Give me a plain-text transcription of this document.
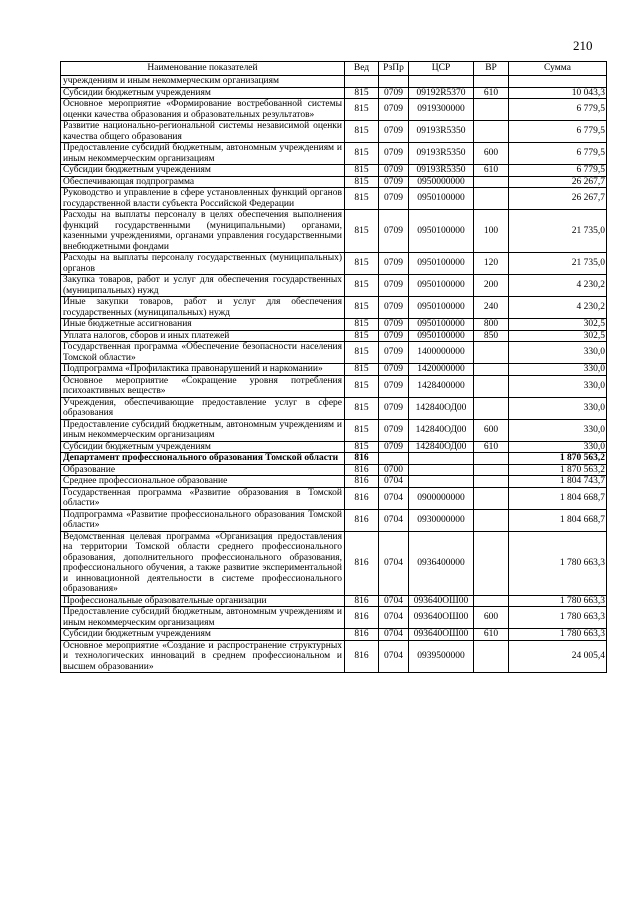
210
Наименование показателей	Вед	РзПр	ЦСР	ВР	Сумма
учреждениям и иным некоммерческим организациям					
Субсидии бюджетным учреждениям	815	0709	09192R5370	610	10 043,3
Основное мероприятие «Формирование востребованной системы оценки качества образования и образовательных результатов»	815	0709	0919300000		6 779,5
Развитие национально-региональной системы независимой оценки качества общего образования	815	0709	09193R5350		6 779,5
Предоставление субсидий бюджетным, автономным учреждениям и иным некоммерческим организациям	815	0709	09193R5350	600	6 779,5
Субсидии бюджетным учреждениям	815	0709	09193R5350	610	6 779,5
Обеспечивающая подпрограмма	815	0709	0950000000		26 267,7
Руководство и управление в сфере установленных функций органов государственной власти субъекта Российской Федерации	815	0709	0950100000		26 267,7
Расходы на выплаты персоналу в целях обеспечения выполнения функций государственными (муниципальными) органами, казенными учреждениями, органами управления государственными внебюджетными фондами	815	0709	0950100000	100	21 735,0
Расходы на выплаты персоналу государственных (муниципальных) органов	815	0709	0950100000	120	21 735,0
Закупка товаров, работ и услуг для обеспечения государственных (муниципальных) нужд	815	0709	0950100000	200	4 230,2
Иные закупки товаров, работ и услуг для обеспечения государственных (муниципальных) нужд	815	0709	0950100000	240	4 230,2
Иные бюджетные ассигнования	815	0709	0950100000	800	302,5
Уплата налогов, сборов и иных платежей	815	0709	0950100000	850	302,5
Государственная программа «Обеспечение безопасности населения Томской области»	815	0709	1400000000		330,0
Подпрограмма «Профилактика правонарушений и наркомании»	815	0709	1420000000		330,0
Основное мероприятие «Сокращение уровня потребления психоактивных веществ»	815	0709	1428400000		330,0
Учреждения, обеспечивающие предоставление услуг в сфере образования	815	0709	142840ОД00		330,0
Предоставление субсидий бюджетным, автономным учреждениям и иным некоммерческим организациям	815	0709	142840ОД00	600	330,0
Субсидии бюджетным учреждениям	815	0709	142840ОД00	610	330,0
Департамент профессионального образования Томской области	816				1 870 563,2
Образование	816	0700			1 870 563,2
Среднее профессиональное образование	816	0704			1 804 743,7
Государственная программа «Развитие образования в Томской области»	816	0704	0900000000		1 804 668,7
Подпрограмма «Развитие профессионального образования Томской области»	816	0704	0930000000		1 804 668,7
Ведомственная целевая программа «Организация предоставления на территории Томской области среднего профессионального образования, дополнительного профессионального образования, профессионального обучения, а также развитие экспериментальной и инновационной деятельности в системе профессионального образования»	816	0704	0936400000		1 780 663,3
Профессиональные образовательные организации	816	0704	093640ОШ00		1 780 663,3
Предоставление субсидий бюджетным, автономным учреждениям и иным некоммерческим организациям	816	0704	093640ОШ00	600	1 780 663,3
Субсидии бюджетным учреждениям	816	0704	093640ОШ00	610	1 780 663,3
Основное мероприятие «Создание и распространение структурных и технологических инноваций в среднем профессиональном и высшем образовании»	816	0704	0939500000		24 005,4
